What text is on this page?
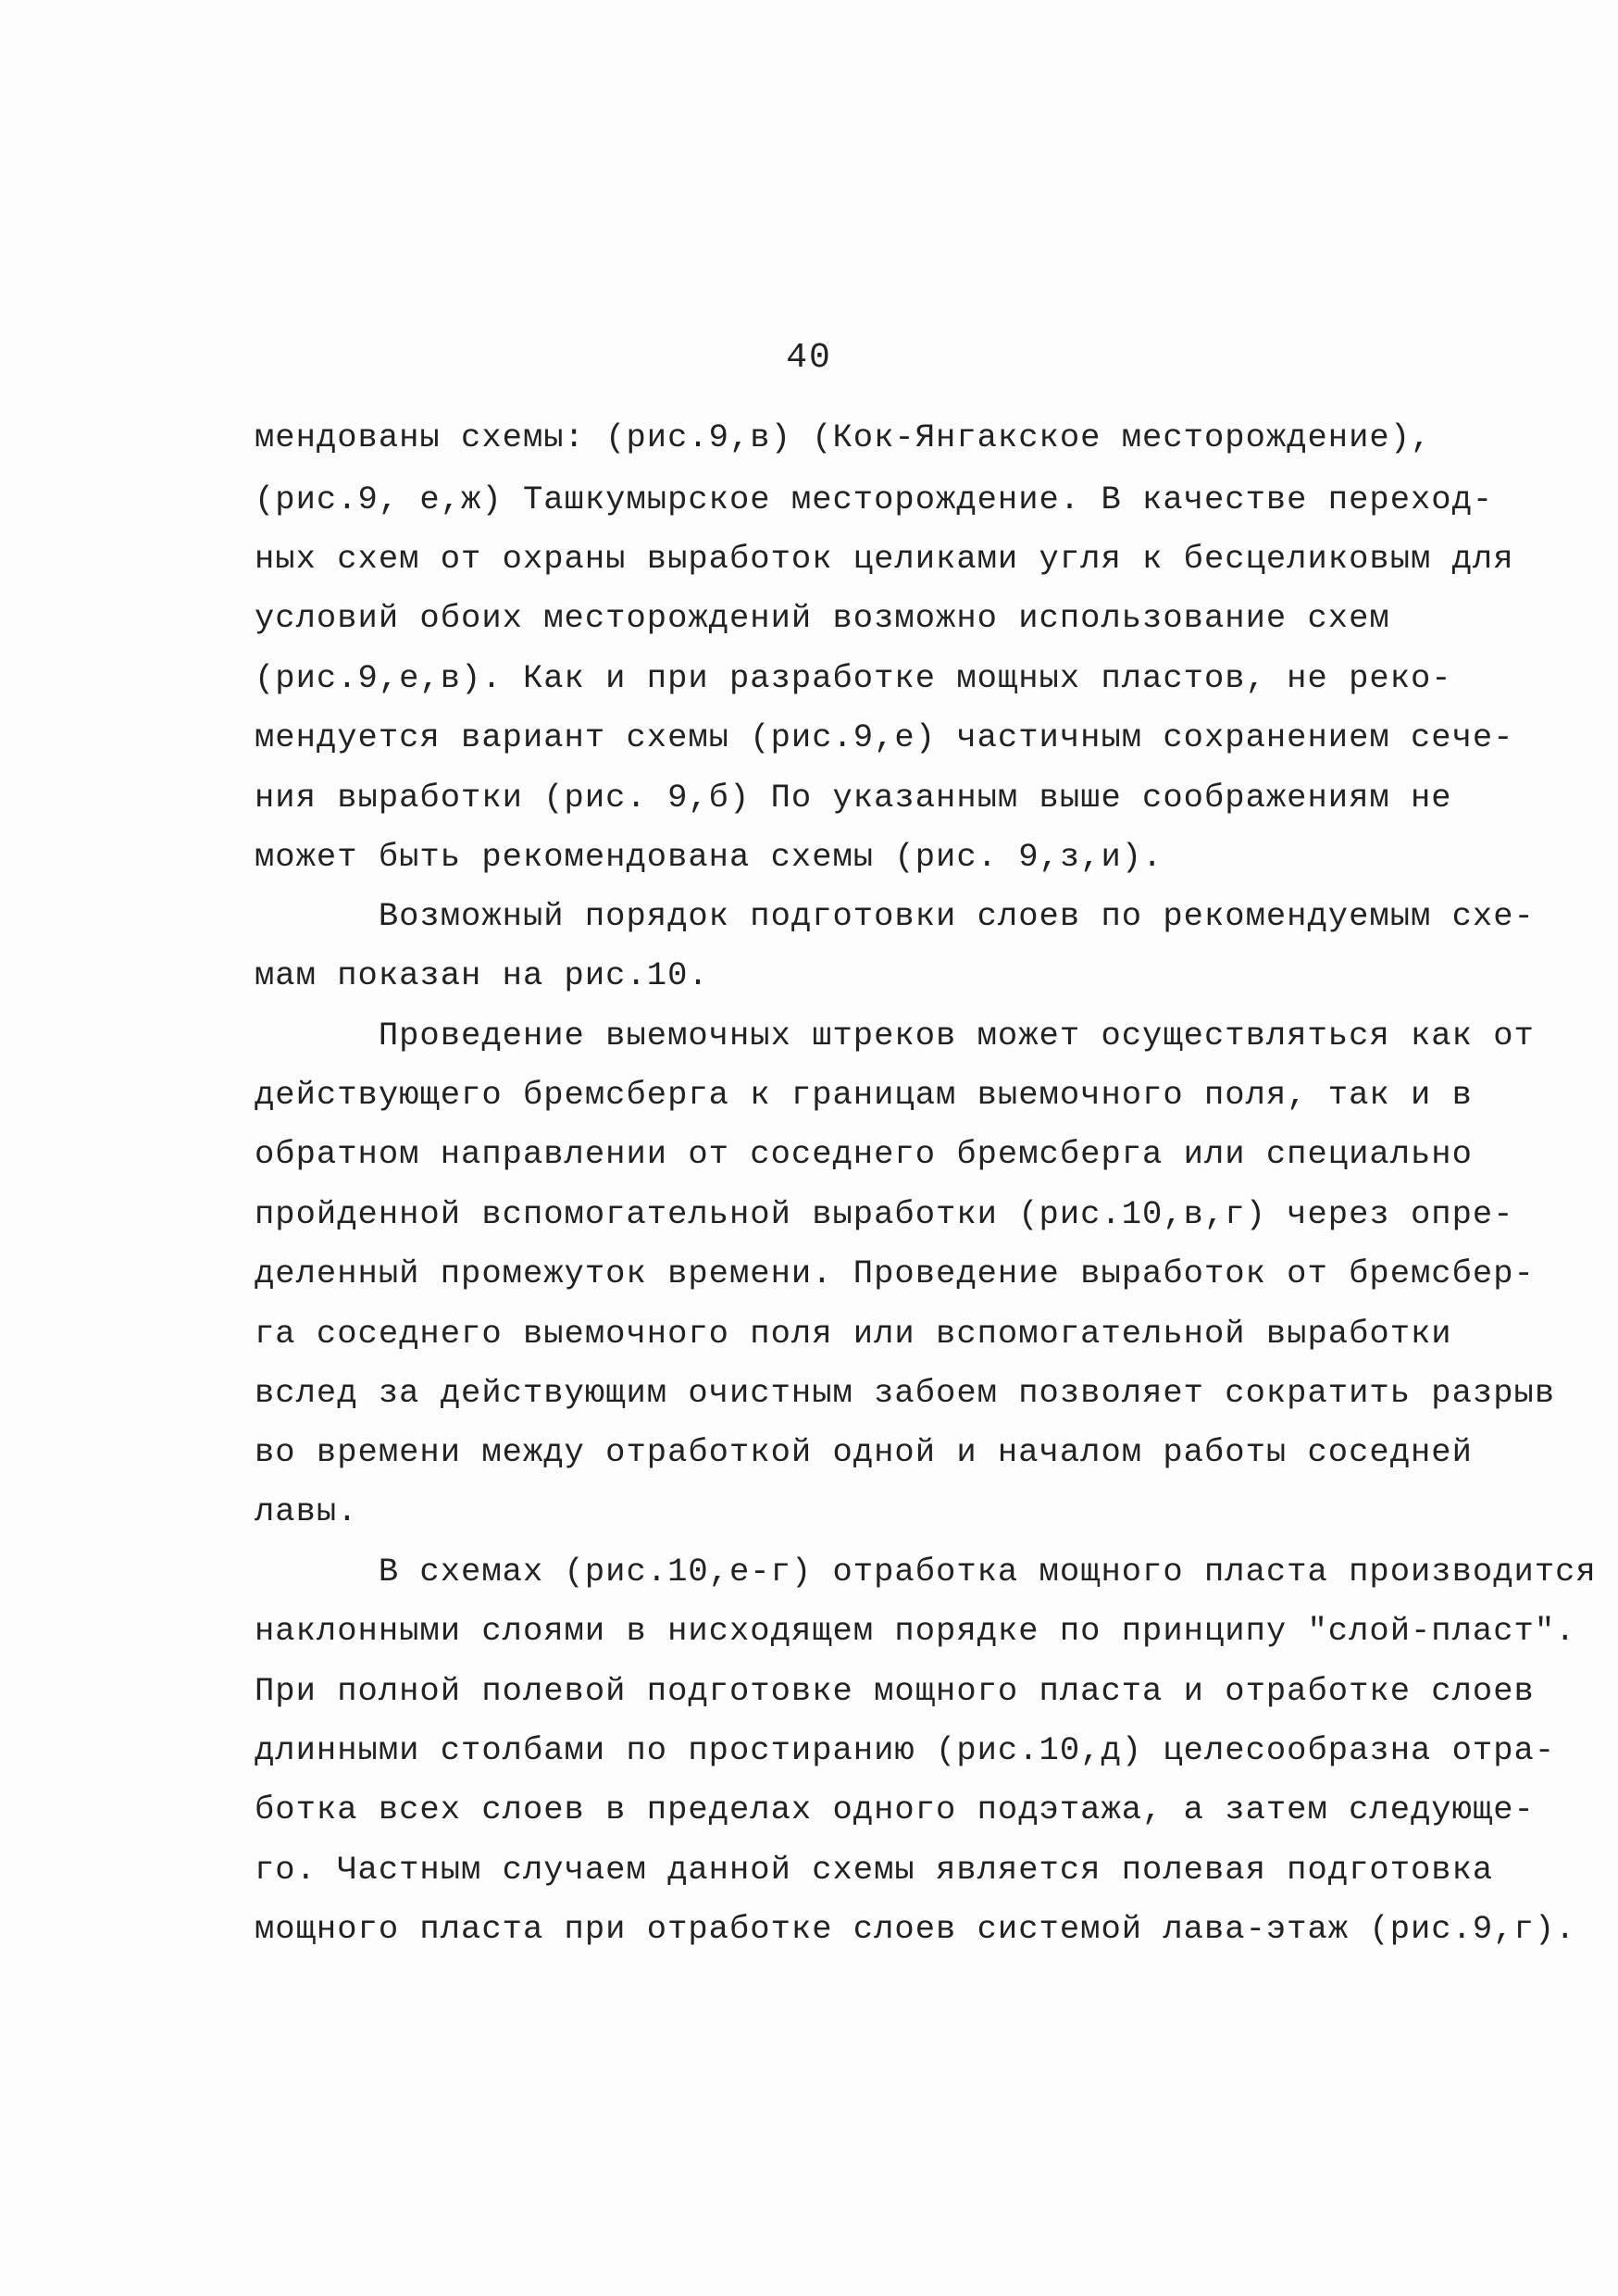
40
мендованы схемы: (рис.9,в) (Кок-Янгакское месторождение),
(рис.9, е,ж) Ташкумырское месторождение. В качестве переход-
ных схем от охраны выработок целиками угля к бесцеликовым для
условий обоих месторождений возможно использование схем
(рис.9,е,в). Как и при разработке мощных пластов, не реко-
мендуется вариант схемы (рис.9,е) частичным сохранением сече-
ния выработки (рис. 9,б) По указанным выше соображениям не
может быть рекомендована схемы (рис. 9,з,и).
Возможный порядок подготовки слоев по рекомендуемым схе-
мам показан на рис.10.
Проведение выемочных штреков может осуществляться как от
действующего бремсберга к границам выемочного поля, так и в
обратном направлении от соседнего бремсберга или специально
пройденной вспомогательной выработки (рис.10,в,г) через опре-
деленный промежуток времени. Проведение выработок от бремсбер-
га соседнего выемочного поля или вспомогательной выработки
вслед за действующим очистным забоем позволяет сократить разрыв
во времени между отработкой одной и началом работы соседней
лавы.
В схемах (рис.10,е-г) отработка мощного пласта производится
наклонными слоями в нисходящем порядке по принципу "слой-пласт".
При полной полевой подготовке мощного пласта и отработке слоев
длинными столбами по простиранию (рис.10,д) целесообразна отра-
ботка всех слоев в пределах одного подэтажа, а затем следующе-
го. Частным случаем данной схемы является полевая подготовка
мощного пласта при отработке слоев системой лава-этаж (рис.9,г).
